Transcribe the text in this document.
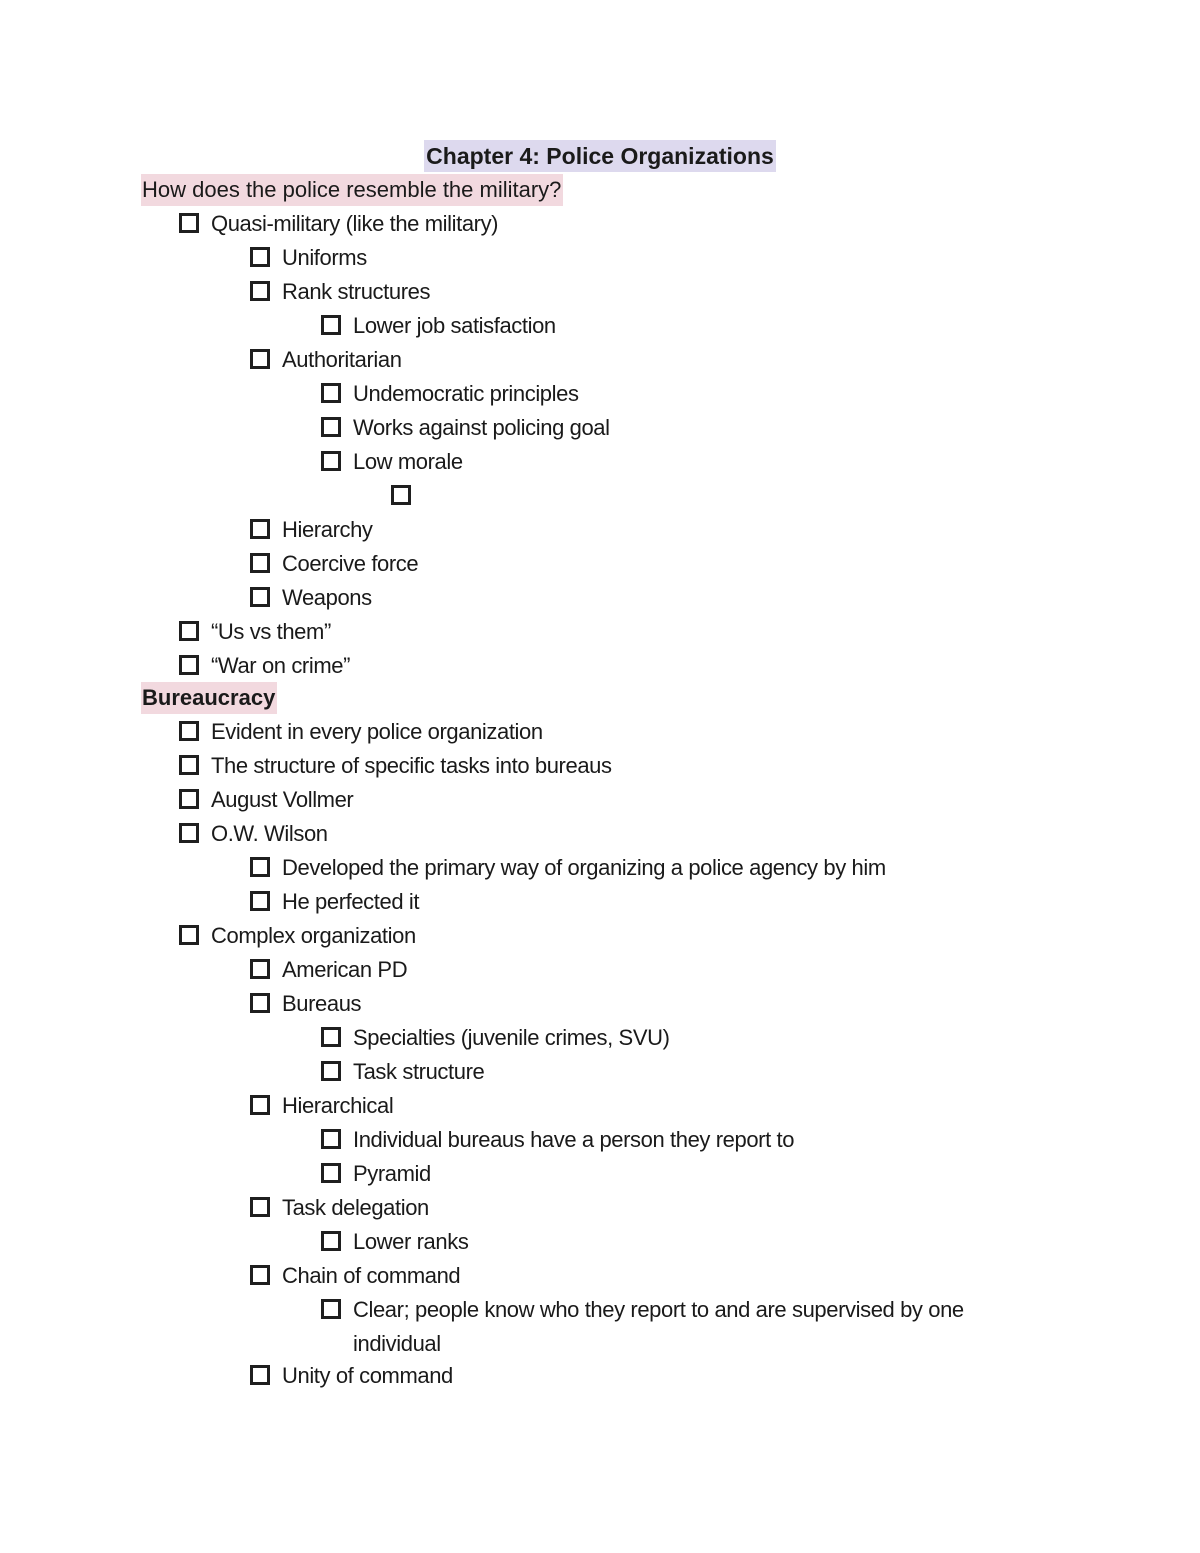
Chapter 4: Police Organizations
How does the police resemble the military?
Quasi-military (like the military)
Uniforms
Rank structures
Lower job satisfaction
Authoritarian
Undemocratic principles
Works against policing goal
Low morale
Hierarchy
Coercive force
Weapons
“Us vs them”
“War on crime”
Bureaucracy
Evident in every police organization
The structure of specific tasks into bureaus
August Vollmer
O.W. Wilson
Developed the primary way of organizing a police agency by him
He perfected it
Complex organization
American PD
Bureaus
Specialties (juvenile crimes, SVU)
Task structure
Hierarchical
Individual bureaus have a person they report to
Pyramid
Task delegation
Lower ranks
Chain of command
Clear; people know who they report to and are supervised by one individual
Unity of command
